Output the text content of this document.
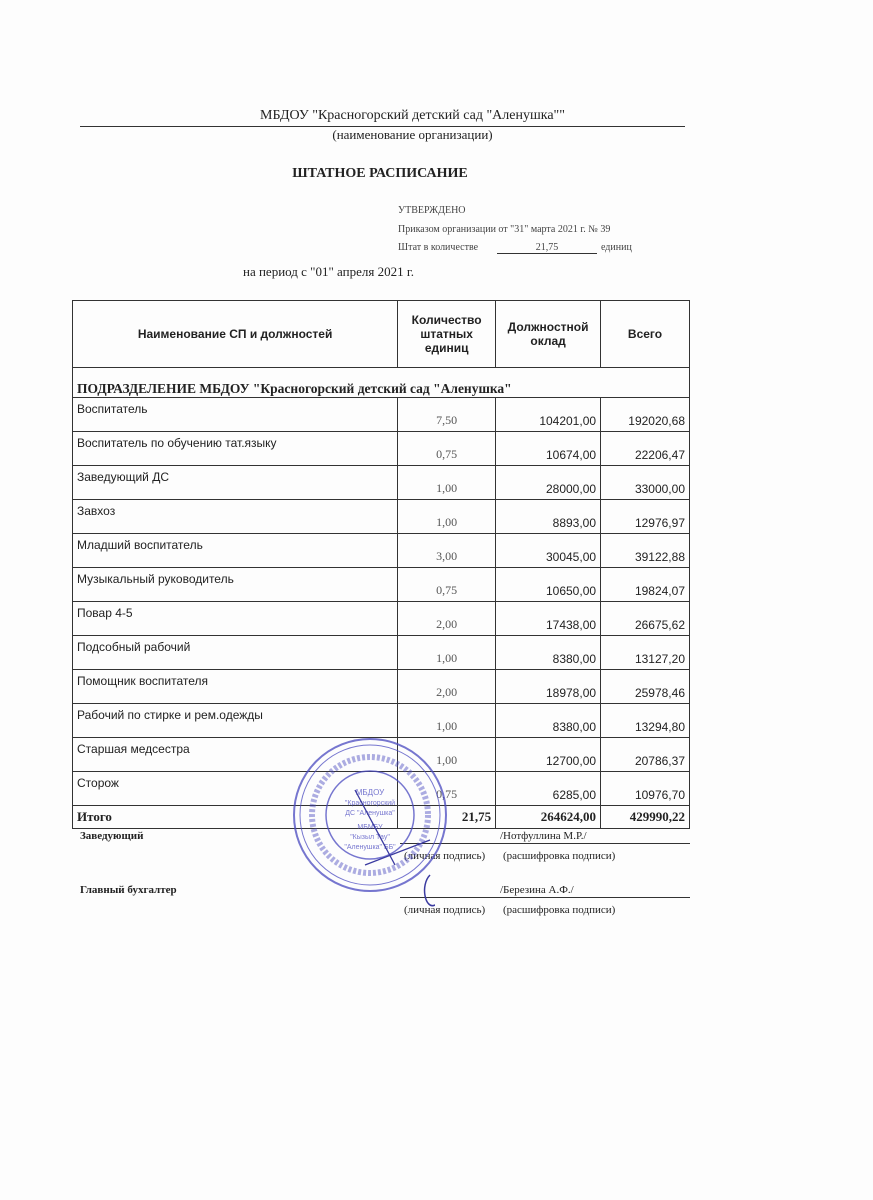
МБДОУ "Красногорский детский сад "Аленушка""
(наименование организации)
ШТАТНОЕ РАСПИСАНИЕ
УТВЕРЖДЕНО
Приказом организации от "31" марта 2021 г. № 39
Штат в количестве	21,75	единиц
на период с "01" апреля 2021 г.
Наименование СП и должностей	Количество штатных единиц	Должностной оклад	Всего
ПОДРАЗДЕЛЕНИЕ МБДОУ "Красногорский детский сад "Аленушка"			
Воспитатель	7,50	104201,00	192020,68
Воспитатель по обучению тат.языку	0,75	10674,00	22206,47
Заведующий ДС	1,00	28000,00	33000,00
Завхоз	1,00	8893,00	12976,97
Младший воспитатель	3,00	30045,00	39122,88
Музыкальный руководитель	0,75	10650,00	19824,07
Повар 4-5	2,00	17438,00	26675,62
Подсобный рабочий	1,00	8380,00	13127,20
Помощник воспитателя	2,00	18978,00	25978,46
Рабочий по стирке и рем.одежды	1,00	8380,00	13294,80
Старшая медсестра	1,00	12700,00	20786,37
Сторож	0,75	6285,00	10976,70
Итого	21,75	264624,00	429990,22
Заведующий	/Нотфуллина М.Р./
(личная подпись) (расшифровка подписи)
Главный бухгалтер	/Березина А.Ф./
(личная подпись) (расшифровка подписи)
МБДОУ
"Красногорский
ДС "Аленушка"
МБМБУ
"Кызыл Тау"
"Аленушка" ББ"
